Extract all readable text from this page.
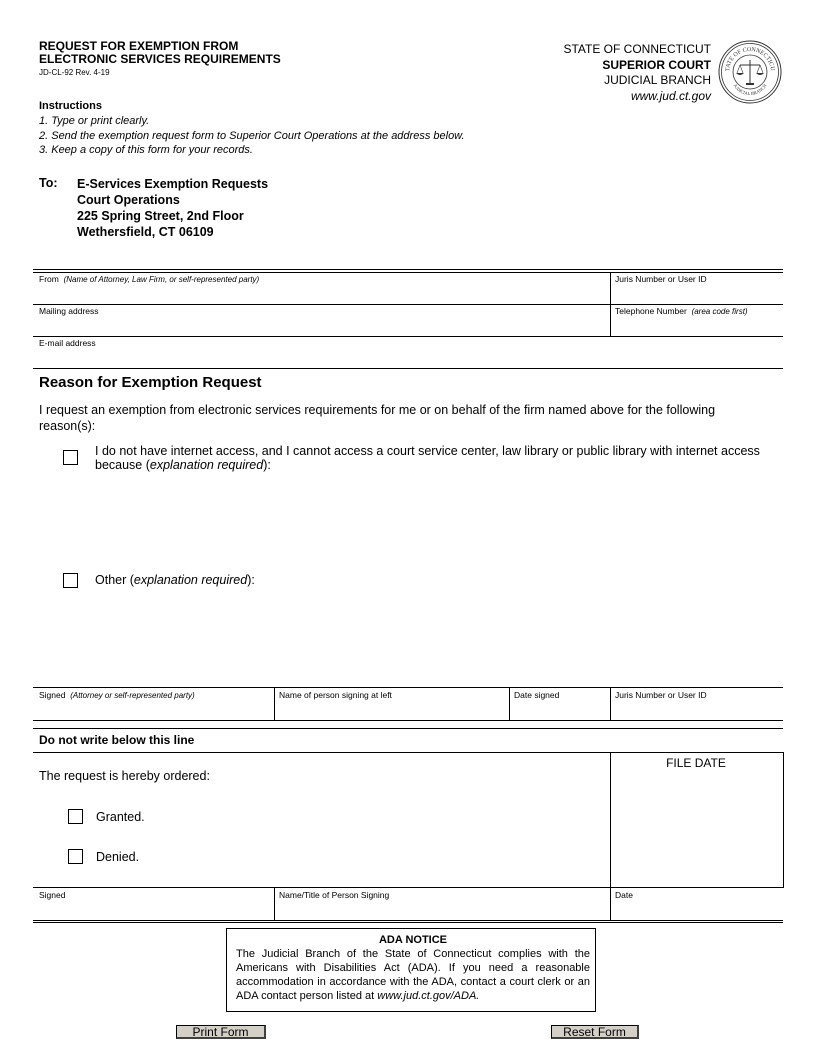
REQUEST FOR EXEMPTION FROM
ELECTRONIC SERVICES REQUIREMENTS
JD-CL-92 Rev. 4-19
STATE OF CONNECTICUT
SUPERIOR COURT
JUDICIAL BRANCH
www.jud.ct.gov
TATE OF CONNECTICU
JUDICIAL BRANCH
Instructions
1. Type or print clearly.
2. Send the exemption request form to Superior Court Operations at the address below.
3. Keep a copy of this form for your records.
To: E-Services Exemption Requests
Court Operations
225 Spring Street, 2nd Floor
Wethersfield, CT 06109
From (Name of Attorney, Law Firm, or self-represented party)	Juris Number or User ID
Mailing address	Telephone Number (area code first)
E-mail address
Reason for Exemption Request
I request an exemption from electronic services requirements for me or on behalf of the firm named above for the following reason(s):
I do not have internet access, and I cannot access a court service center, law library or public library with internet access because (explanation required):
Other (explanation required):
Signed (Attorney or self-represented party)	Name of person signing at left	Date signed	Juris Number or User ID
Do not write below this line
FILE DATE
The request is hereby ordered:
Granted.
Denied.
Signed	Name/Title of Person Signing	Date
ADA NOTICE
The Judicial Branch of the State of Connecticut complies with the Americans with Disabilities Act (ADA). If you need a reasonable accommodation in accordance with the ADA, contact a court clerk or an ADA contact person listed at www.jud.ct.gov/ADA.
Print Form	Reset Form
